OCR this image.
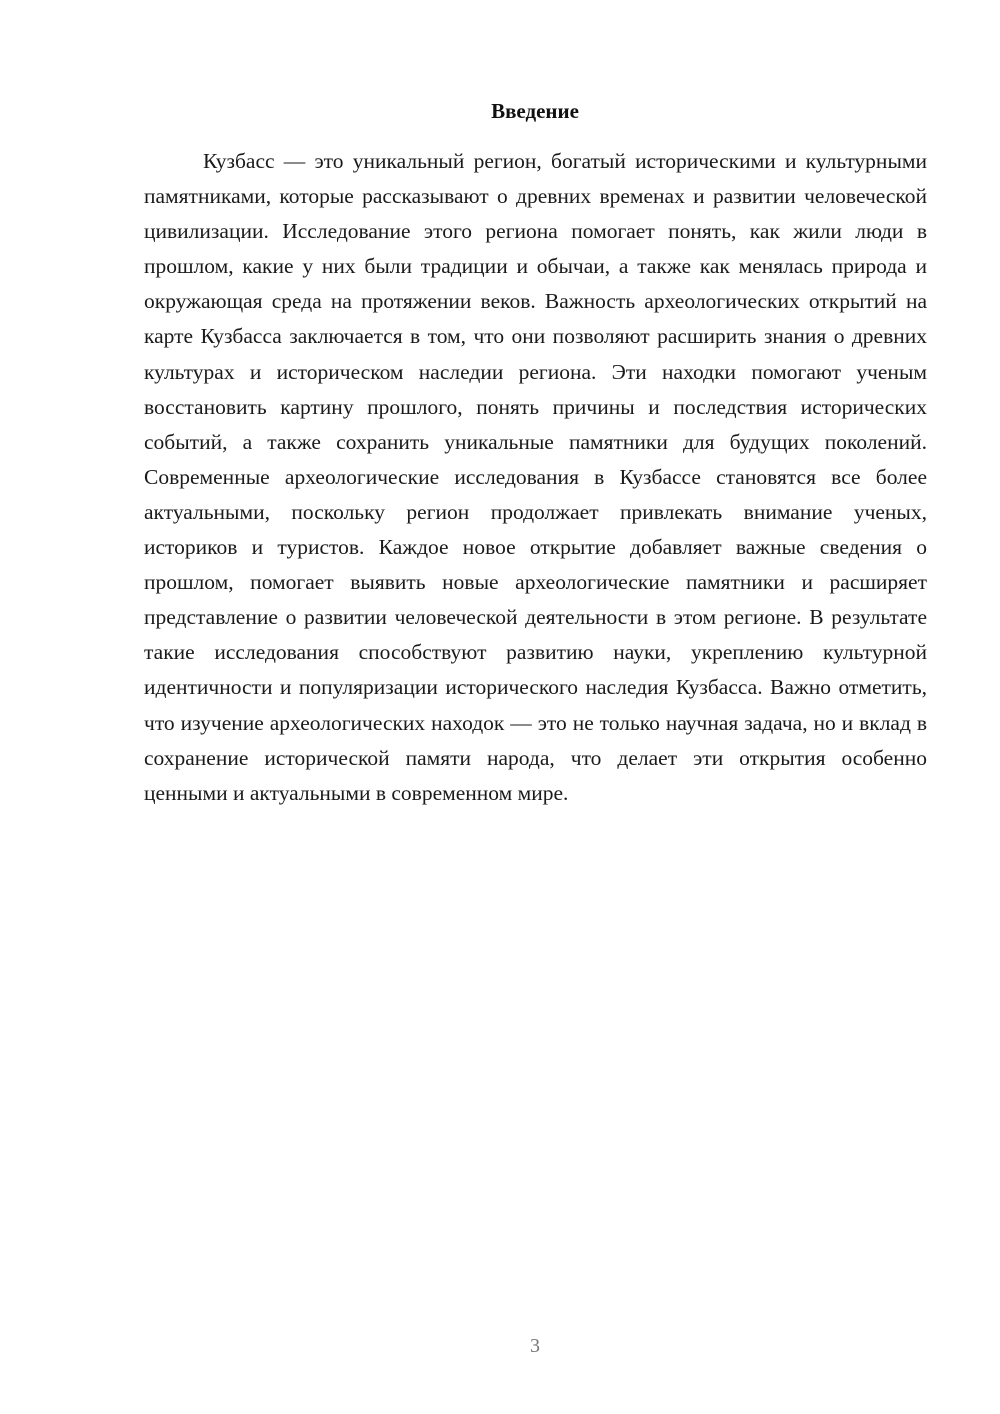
Введение

Кузбасс — это уникальный регион, богатый историческими и культурными памятниками, которые рассказывают о древних временах и развитии человеческой цивилизации. Исследование этого региона помогает понять, как жили люди в прошлом, какие у них были традиции и обычаи, а также как менялась природа и окружающая среда на протяжении веков. Важность археологических открытий на карте Кузбасса заключается в том, что они позволяют расширить знания о древних культурах и историческом наследии региона. Эти находки помогают ученым восстановить картину прошлого, понять причины и последствия исторических событий, а также сохранить уникальные памятники для будущих поколений. Современные археологические исследования в Кузбассе становятся все более актуальными, поскольку регион продолжает привлекать внимание ученых, историков и туристов. Каждое новое открытие добавляет важные сведения о прошлом, помогает выявить новые археологические памятники и расширяет представление о развитии человеческой деятельности в этом регионе. В результате такие исследования способствуют развитию науки, укреплению культурной идентичности и популяризации исторического наследия Кузбасса. Важно отметить, что изучение археологических находок — это не только научная задача, но и вклад в сохранение исторической памяти народа, что делает эти открытия особенно ценными и актуальными в современном мире.

3
